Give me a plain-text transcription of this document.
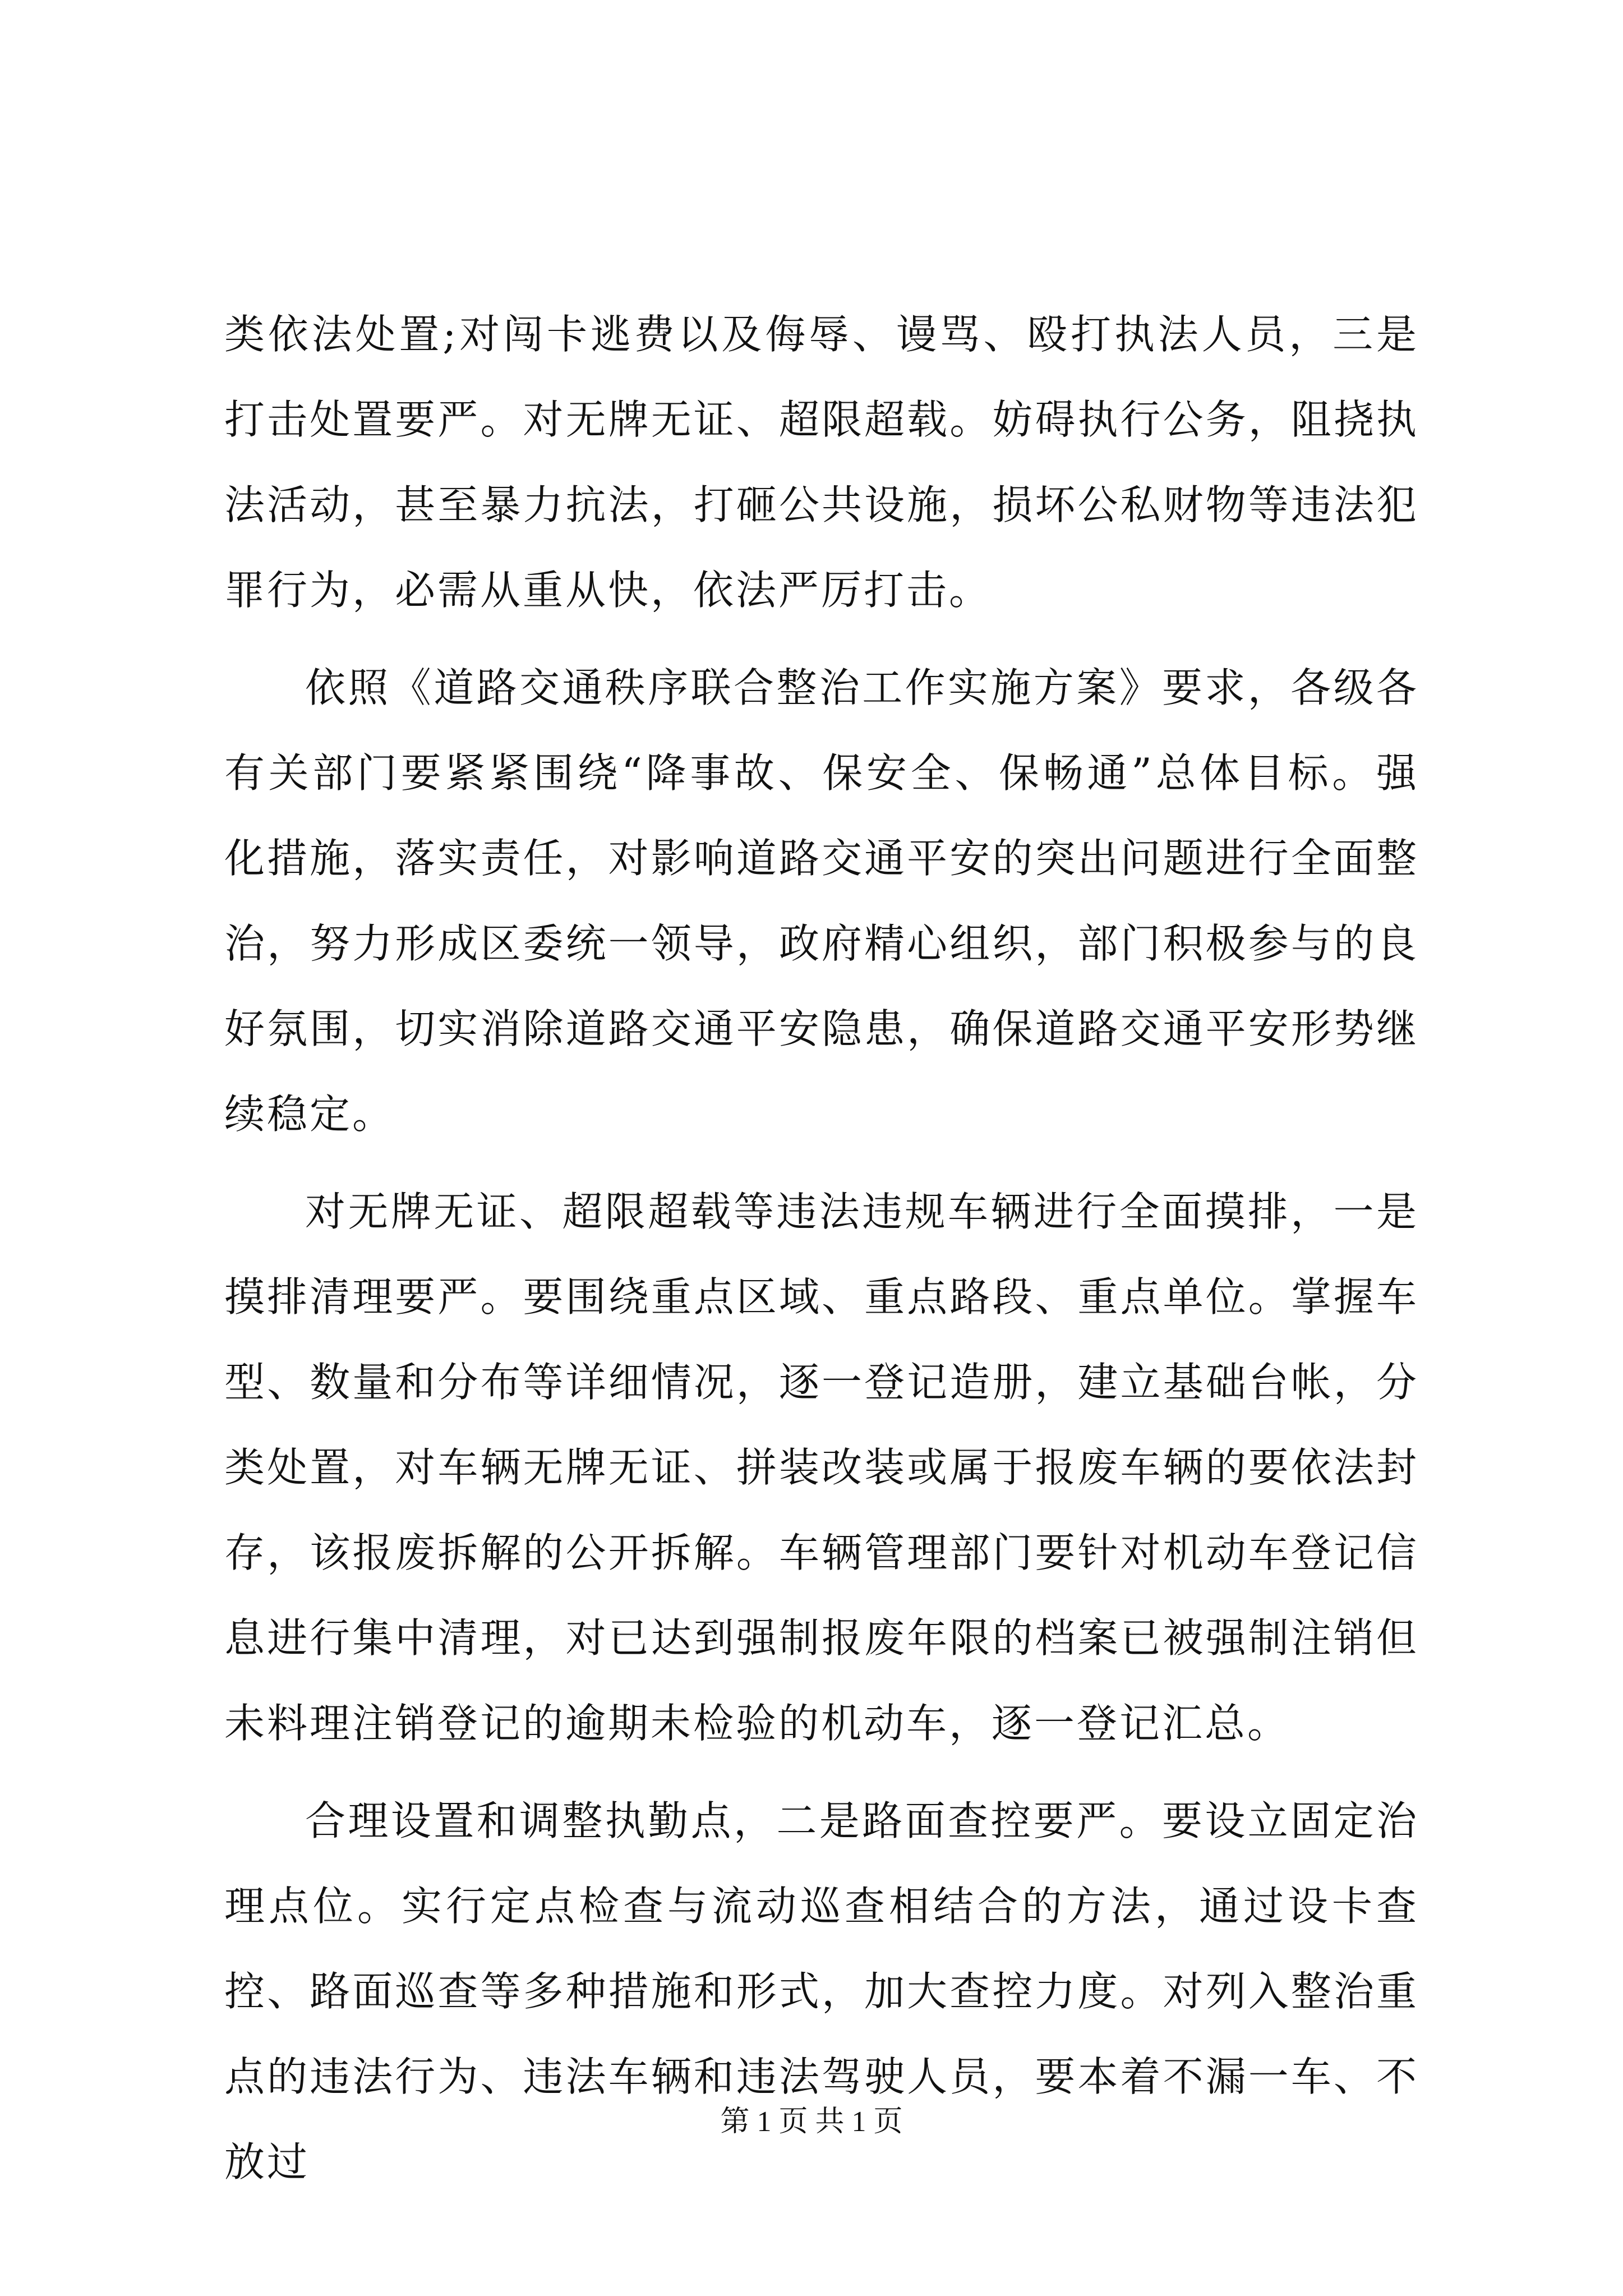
类依法处置;对闯卡逃费以及侮辱、谩骂、殴打执法人员，三是打击处置要严。对无牌无证、超限超载。妨碍执行公务，阻挠执法活动，甚至暴力抗法，打砸公共设施，损坏公私财物等违法犯罪行为，必需从重从快，依法严厉打击。

依照《道路交通秩序联合整治工作实施方案》要求，各级各有关部门要紧紧围绕“降事故、保安全、保畅通”总体目标。强化措施，落实责任，对影响道路交通平安的突出问题进行全面整治，努力形成区委统一领导，政府精心组织，部门积极参与的良好氛围，切实消除道路交通平安隐患，确保道路交通平安形势继续稳定。

对无牌无证、超限超载等违法违规车辆进行全面摸排，一是摸排清理要严。要围绕重点区域、重点路段、重点单位。掌握车型、数量和分布等详细情况，逐一登记造册，建立基础台帐，分类处置，对车辆无牌无证、拼装改装或属于报废车辆的要依法封存，该报废拆解的公开拆解。车辆管理部门要针对机动车登记信息进行集中清理，对已达到强制报废年限的档案已被强制注销但未料理注销登记的逾期未检验的机动车，逐一登记汇总。

合理设置和调整执勤点，二是路面查控要严。要设立固定治理点位。实行定点检查与流动巡查相结合的方法，通过设卡查控、路面巡查等多种措施和形式，加大查控力度。对列入整治重点的违法行为、违法车辆和违法驾驶人员，要本着不漏一车、不放过

第 1 页 共 1 页
